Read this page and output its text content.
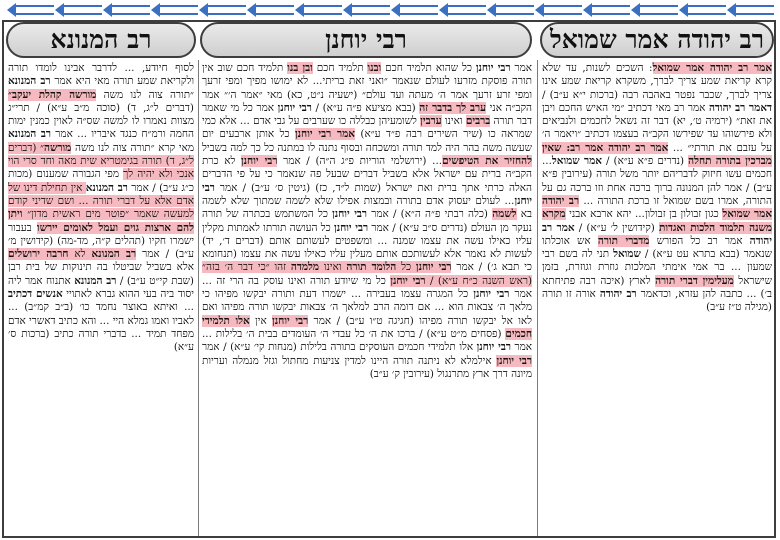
רב יהודה אמר שמואל
רבי יוחנן
רב המנונא
אמר רב יהודה אמר שמואל: השכים לשנות, עד שלא קרא קריאת שמע צריך לברך, משקרא קריאת שמע אינו צריך לברך, שכבר נפטר באהבה רבה (ברכות י״א ע״ב) / דאמר רב יהודה אמר רב מאי דכתיב ״מי האיש החכם ויבן את זאת״ (ירמיה ט׳, יא) דבר זה נשאל לחכמים ולנביאים ולא פירשוהו עד שפירשו הקב״ה בעצמו דכתיב ״ויאמר ה׳ על עזבם את תורתי״ ... אמר רב יהודה אמר רב: שאין מברכין בתורה תחלה (נדרים פ״א ע״א) / אמר שמואל... חכמים עשו חיזוק לדבריהם יותר משל תורה (עירובין פ״א ע״ב) / אמר להן המנונה ברוך ברכה אחת וזו ברכה גם על התורה, אמרו בשם שמואל זו ברכת התורה ... רב יהודה אמר שמואל כגון זבולון בן זבולון... יהא ארבא אבני מקרא משנה תלמוד הלכות ואגדות (קידושין ל׳ ע״א) / אמר רב יהודה אמר רב כל הפורש מדברי תורה אש אוכלתו שנאמר (בבא בתרא עט ע״א) / שמואל תני לה בשם רבי שמעון ... בר אמי אימתי המלכות גוזרת וגוזרת, בזמן שישראל מעלימין דברי תורה לארץ (איכה רבה פתיחתא ב׳) ... כתבה להן עזרא, וכדאמר רב יהודה אורה זו תורה (מגילה ט״ז ע״ב)
אמר רבי יוחנן כל שהוא תלמיד חכם ובנו תלמיד חכם ובן בנו תלמיד חכם שוב אין תורה פוסקת מזרעו לעולם שנאמר ״ואני זאת בריתי... לא ימושו מפיך ומפי זרעך ומפי זרע זרעך אמר ה׳ מעתה ועד עולם״ (ישעיה נ״ט, כא) מאי ״אמר ה׳״ אמר הקב״ה אני ערב לך בדבר זה (בבא מציעא פ״ה ע״א) / רבי יוחנן אמר כל מי שאמר דבר תורה ברבים ואינו ערבין לשומעיהן כבללה כו שערבים על גבי אדם ... אלא כמי שמראה כו (שיר השירים רבה פ״ד ע״א) אמר רבי יוחנן כל אותן ארבעים יום שעשה משה בהר היה למד תורה ומשכחה ובסוף נתנה לו במתנה כל כך למה בשביל להחזיר את הטיפשים... (ירושלמי הוריות פ״ג ה״ה) / אמר רבי יוחנן לא כרת הקב״ה ברית עם ישראל אלא בשביל דברים שבעל פה שנאמר כי על פי הדברים האלה כרתי אתך ברית ואת ישראל (שמות ל״ד, כז) (גיטין ס׳ ע״ב) / אמר רבי יוחנן... לעולם יעסוק אדם בתורה ובמצות אפילו שלא לשמה שמתוך שלא לשמה בא לשמה (כלה רבתי פ״ה ה״א) / אמר רבי יוחנן כל המשתמש בכתרה של תורה נעקר מן העולם (נדרים ס״ב ע״א) / אמר רבי יוחנן כל העושה תורתו לאמתות מקלין עליו כאילו עשה את עצמו שמנה ... ומשפטים לעשותם אותם (דברים ד׳, יד) לעשות לא נאמר אלא לעשותכם אותם מעלין עליו כאילו עשה את עצמו (תנחומא כי תבא ג׳) / אמר רבי יוחנן כל הלומד תורה ואינו מלמדה זהו ״כי דבר ה׳ בזה״ (ראש השנה כ״ח ע״א) / רבי יוחנן כל מי שיודע תורה ואינו עוסק בה הרי זה ... אמר רבי יוחנן כל המגרה עצמו בעבירה ... ישמרו דעת ותורה יבקשו מפיהו כי מלאך ה׳ צבאות הוא ... אם דומה הרב למלאך ה׳ צבאות יבקשו תורה מפיהו ואם לאו אל יבקשו תורה מפיהו (חגיגה ט״ו ע״ב) / אמר רבי יוחנן אין אלו תלמידי חכמים (פסחים מ״ט ע״א) / ברכו את ה׳ כל עבדי ה׳ העומדים בבית ה׳ בלילות ... אמר רבי יוחנן אלו תלמידי חכמים העוסקים בתורה בלילות (מנחות קי׳ ע״א) / אמר רבי יוחנן אילמלא לא ניתנה תורה היינו למדין צניעות מחתול וגזל מנמלה ועריות מיונה דרך ארץ מתרנגול (עירובין ק׳ ע״ב)
לסוף חיודע, ... לדרבר אבינו לומדו תורה ולקריאת שמע תורה מאי היא אמר רב המנונא ״תורה צוה לנו משה מורשה קהלת יעקב״ (דברים ל״ג, ד) (סוכה מ״ב ע״א) / תרי״ג מצוות נאמרו לו למשה שס״ה לאוין כמנין ימות החמה ורמ״ח כנגד איבריו ... אמר רב המנונא מאי קרא ״תורה צוה לנו משה מורשה״ (דברים ל״ג, ד) תורה בגימטריא שית מאה וחד סרי הוי אנכי ולא יהיה לך מפי הגבורה שמענום (מכות כ״ג ע״ב) / אמר רב המנונא אין תחילת דינו של אדם אלא על דברי תורה ... ושם שדיני קודם למעשה שאמר ״פוטר מים ראשית מדון״ ויתן להם ארצות גוים ועמל לאומים יירשו בעבור ישמרו חקיו (תהלים ק״ה, מד-מה) (קידושין מ׳ ע״ב) / אמר רב המנונא לא חרבה ירושלים אלא בשביל שביטלו בה תינוקות של בית רבן (שבת קי״ט ע״ב) / רב המנונא אתנוח אמר ליה יסוד ביה בעי ההוא גברא לאתויי אנשים דכתיב ... ואיתא באוצר נחמד כו׳ (ב״ב קמ״ב) ... לאביו ואמו גמלא היי ... והא כתיב דאשרי אדם מפחד תמיד ... בדברי תורה כתיב (ברכות ס׳ ע״א)
